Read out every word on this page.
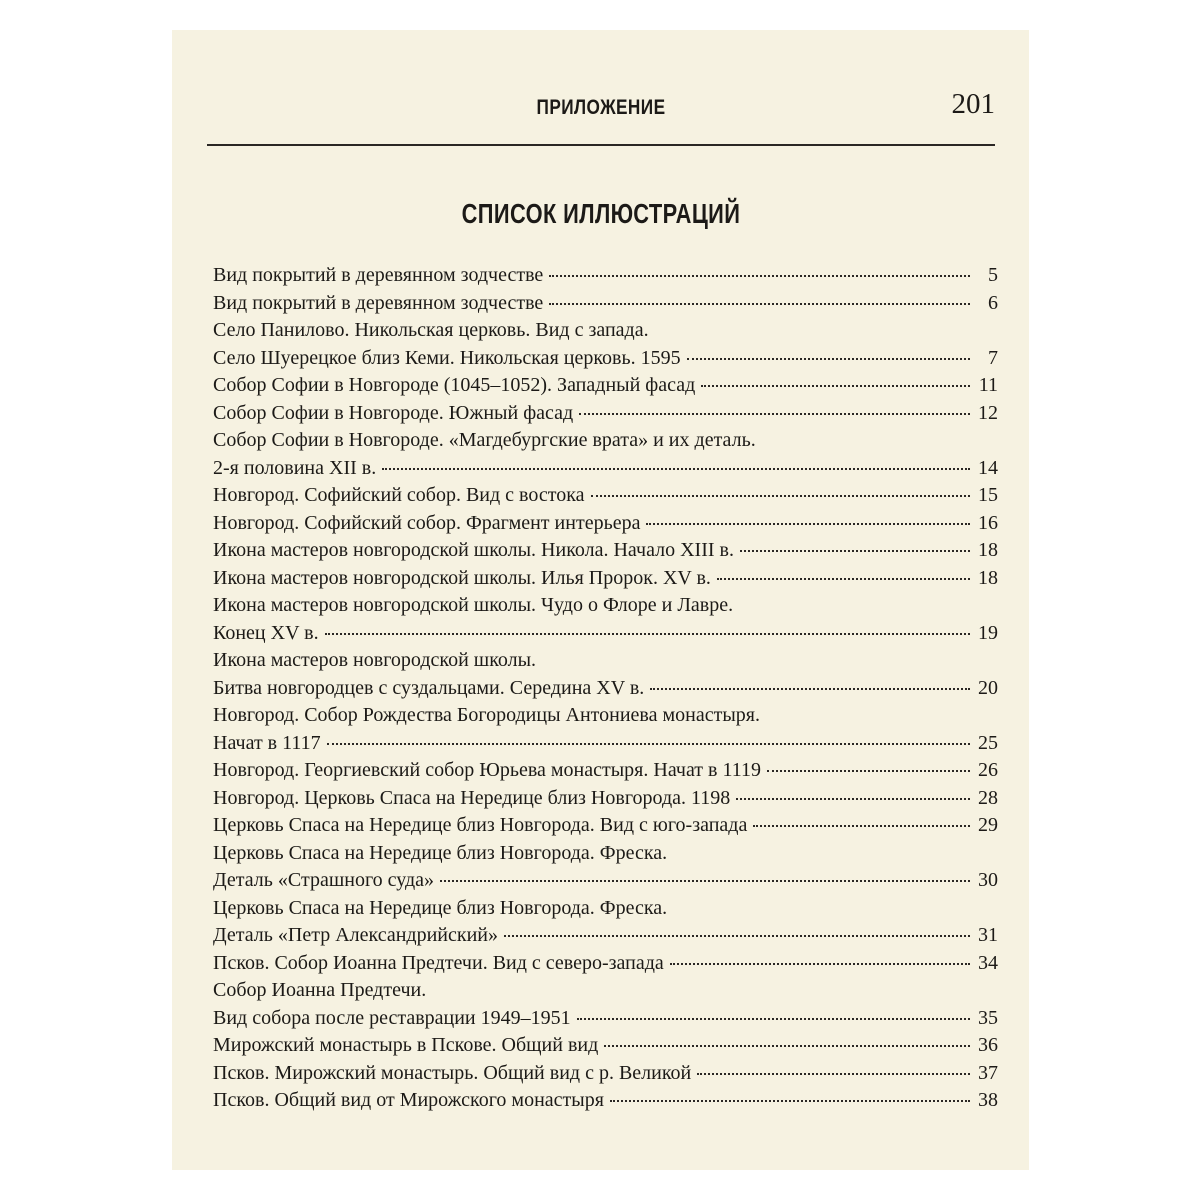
ПРИЛОЖЕНИЕ	201
СПИСОК ИЛЛЮСТРАЦИЙ
Вид покрытий в деревянном зодчестве	5
Вид покрытий в деревянном зодчестве	6
Село Панилово. Никольская церковь. Вид с запада.
Село Шуерецкое близ Кеми. Никольская церковь. 1595	7
Собор Софии в Новгороде (1045–1052). Западный фасад	11
Собор Софии в Новгороде. Южный фасад	12
Собор Софии в Новгороде. «Магдебургские врата» и их деталь.
2-я половина XII в.	14
Новгород. Софийский собор. Вид с востока	15
Новгород. Софийский собор. Фрагмент интерьера	16
Икона мастеров новгородской школы. Никола. Начало XIII в.	18
Икона мастеров новгородской школы. Илья Пророк. XV в.	18
Икона мастеров новгородской школы. Чудо о Флоре и Лавре.
Конец XV в.	19
Икона мастеров новгородской школы.
Битва новгородцев с суздальцами. Середина XV в.	20
Новгород. Собор Рождества Богородицы Антониева монастыря.
Начат в 1117	25
Новгород. Георгиевский собор Юрьева монастыря. Начат в 1119	26
Новгород. Церковь Спаса на Нередице близ Новгорода. 1198	28
Церковь Спаса на Нередице близ Новгорода. Вид с юго-запада	29
Церковь Спаса на Нередице близ Новгорода. Фреска.
Деталь «Страшного суда»	30
Церковь Спаса на Нередице близ Новгорода. Фреска.
Деталь «Петр Александрийский»	31
Псков. Собор Иоанна Предтечи. Вид с северо-запада	34
Собор Иоанна Предтечи.
Вид собора после реставрации 1949–1951	35
Мирожский монастырь в Пскове. Общий вид	36
Псков. Мирожский монастырь. Общий вид с р. Великой	37
Псков. Общий вид от Мирожского монастыря	38
